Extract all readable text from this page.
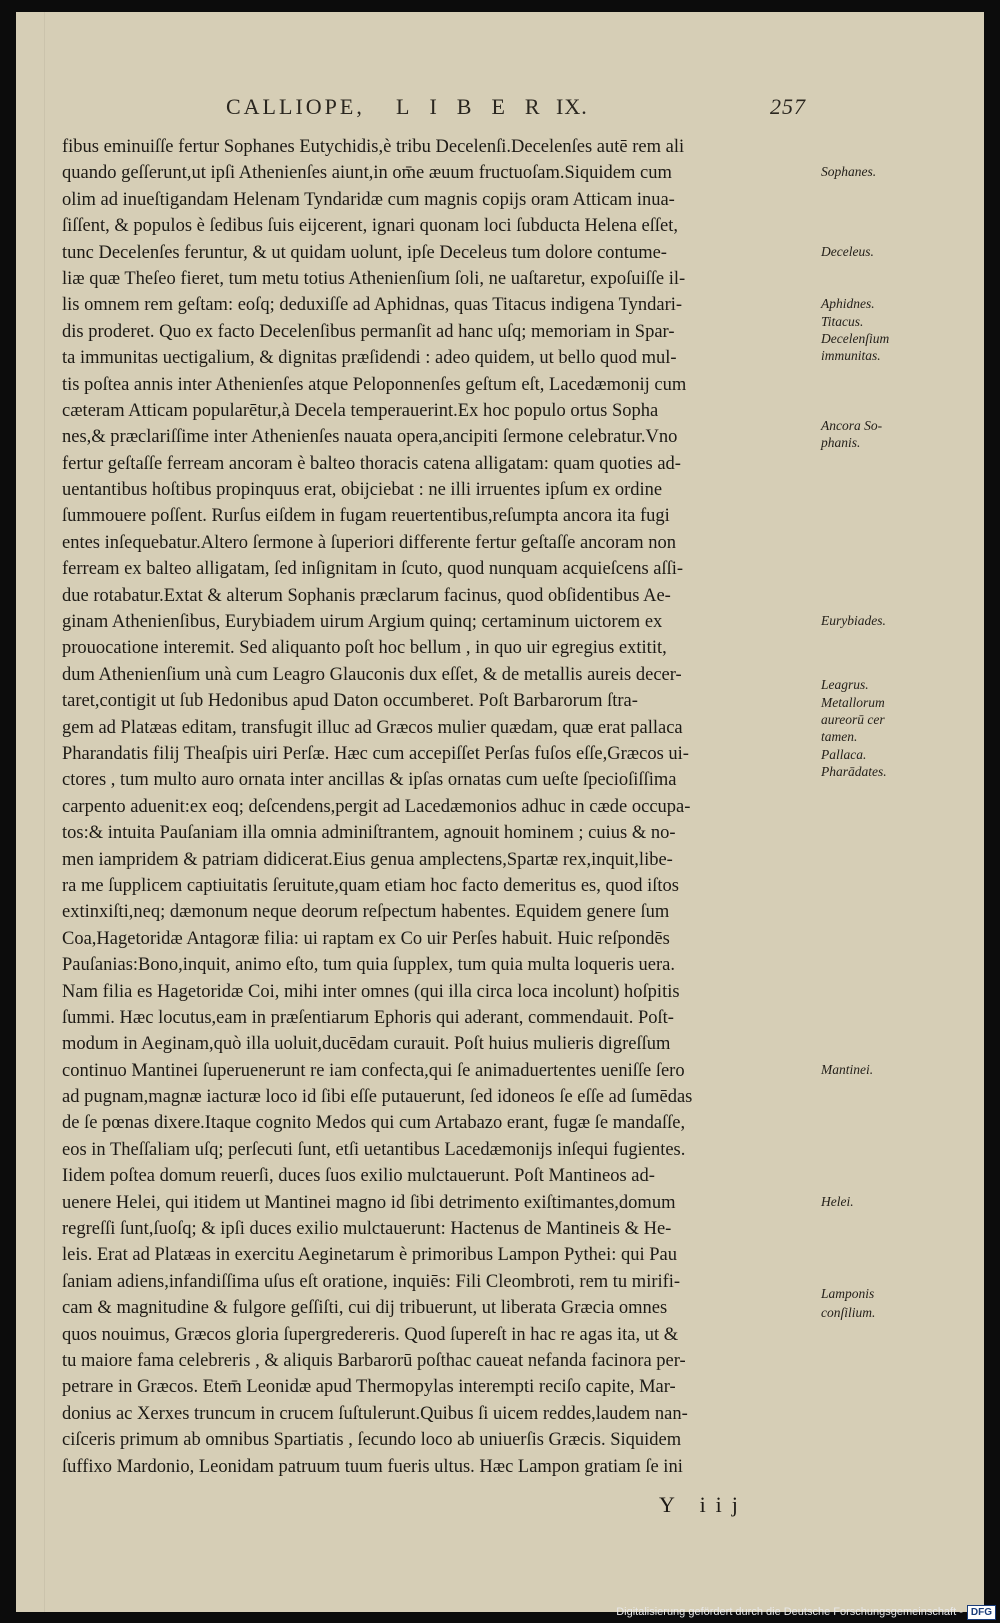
CALLIOPE, LIBER
IX.	257
fibus eminuiſſe fertur Sophanes Eutychidis,è tribu Decelenſi.Decelenſes autē rem ali
quando geſſerunt,ut ipſi Athenienſes aiunt,in om̄e æuum fructuoſam.Siquidem cum
olim ad inueſtigandam Helenam Tyndaridæ cum magnis copijs oram Atticam inua-
ſiſſent, & populos è ſedibus ſuis eijcerent, ignari quonam loci ſubducta Helena eſſet,
tunc Decelenſes feruntur, & ut quidam uolunt, ipſe Deceleus tum dolore contume-
liæ quæ Theſeo fieret, tum metu totius Athenienſium ſoli, ne uaſtaretur, expoſuiſſe il-
lis omnem rem geſtam: eoſq; deduxiſſe ad Aphidnas, quas Titacus indigena Tyndari-
dis proderet. Quo ex facto Decelenſibus permanſit ad hanc uſq; memoriam in Spar-
ta immunitas uectigalium, & dignitas præſidendi : adeo quidem, ut bello quod mul-
tis poſtea annis inter Athenienſes atque Peloponnenſes geſtum eſt, Lacedæmonij cum
cæteram Atticam popularētur,à Decela temperauerint.Ex hoc populo ortus Sopha
nes,& præclariſſime inter Athenienſes nauata opera,ancipiti ſermone celebratur.Vno
fertur geſtaſſe ferream ancoram è balteo thoracis catena alligatam: quam quoties ad-
uentantibus hoſtibus propinquus erat, obijciebat : ne illi irruentes ipſum ex ordine
ſummouere poſſent. Rurſus eiſdem in fugam reuertentibus,reſumpta ancora ita fugi
entes inſequebatur.Altero ſermone à ſuperiori differente fertur geſtaſſe ancoram non
ferream ex balteo alligatam, ſed inſignitam in ſcuto, quod nunquam acquieſcens aſſi-
due rotabatur.Extat & alterum Sophanis præclarum facinus, quod obſidentibus Ae-
ginam Athenienſibus, Eurybiadem uirum Argium quinq; certaminum uictorem ex
prouocatione interemit. Sed aliquanto poſt hoc bellum , in quo uir egregius extitit,
dum Athenienſium unà cum Leagro Glauconis dux eſſet, & de metallis aureis decer-
taret,contigit ut ſub Hedonibus apud Daton occumberet. Poſt Barbarorum ſtra-
gem ad Platæas editam, transfugit illuc ad Græcos mulier quædam, quæ erat pallaca
Pharandatis filij Theaſpis uiri Perſæ. Hæc cum accepiſſet Perſas fuſos eſſe,Græcos ui-
ctores , tum multo auro ornata inter ancillas & ipſas ornatas cum ueſte ſpecioſiſſima
carpento aduenit:ex eoq; deſcendens,pergit ad Lacedæmonios adhuc in cæde occupa-
tos:& intuita Pauſaniam illa omnia adminiſtrantem, agnouit hominem ; cuius & no-
men iampridem & patriam didicerat.Eius genua amplectens,Spartæ rex,inquit,libe-
ra me ſupplicem captiuitatis ſeruitute,quam etiam hoc facto demeritus es, quod iſtos
extinxiſti,neq; dæmonum neque deorum reſpectum habentes. Equidem genere ſum
Coa,Hagetoridæ Antagoræ filia: ui raptam ex Co uir Perſes habuit. Huic reſpondēs
Pauſanias:Bono,inquit, animo eſto, tum quia ſupplex, tum quia multa loqueris uera.
Nam filia es Hagetoridæ Coi, mihi inter omnes (qui illa circa loca incolunt) hoſpitis
ſummi. Hæc locutus,eam in præſentiarum Ephoris qui aderant, commendauit. Poſt-
modum in Aeginam,quò illa uoluit,ducēdam curauit. Poſt huius mulieris digreſſum
continuo Mantinei ſuperuenerunt re iam confecta,qui ſe animaduertentes ueniſſe ſero
ad pugnam,magnæ iacturæ loco id ſibi eſſe putauerunt, ſed idoneos ſe eſſe ad ſumēdas
de ſe pœnas dixere.Itaque cognito Medos qui cum Artabazo erant, fugæ ſe mandaſſe,
eos in Theſſaliam uſq; perſecuti ſunt, etſi uetantibus Lacedæmonijs inſequi fugientes.
Iidem poſtea domum reuerſi, duces ſuos exilio mulctauerunt. Poſt Mantineos ad-
uenere Helei, qui itidem ut Mantinei magno id ſibi detrimento exiſtimantes,domum
regreſſi ſunt,ſuoſq; & ipſi duces exilio mulctauerunt: Hactenus de Mantineis & He-
leis. Erat ad Platæas in exercitu Aeginetarum è primoribus Lampon Pythei: qui Pau
ſaniam adiens,infandiſſima uſus eſt oratione, inquiēs: Fili Cleombroti, rem tu mirifi-
cam & magnitudine & fulgore geſſiſti, cui dij tribuerunt, ut liberata Græcia omnes
quos nouimus, Græcos gloria ſupergredereris. Quod ſupereſt in hac re agas ita, ut &
tu maiore fama celebreris , & aliquis Barbarorū poſthac caueat nefanda facinora per-
petrare in Græcos. Etem̄ Leonidæ apud Thermopylas interempti reciſo capite, Mar-
donius ac Xerxes truncum in crucem ſuſtulerunt.Quibus ſi uicem reddes,laudem nan-
ciſceris primum ab omnibus Spartiatis , ſecundo loco ab uniuerſis Græcis. Siquidem
ſuffixo Mardonio, Leonidam patruum tuum fueris ultus. Hæc Lampon gratiam ſe ini
Sophanes.
Deceleus.
Aphidnes.
Titacus.
Decelenſium
immunitas.
Ancora So-
phanis.
Eurybiades.
Leagrus.
Metallorum
aureorū cer
tamen.
Pallaca.
Pharādates.
Mantinei.
Helei.
Lamponis
conſilium.
Y iij
Digitalisierung gefördert durch die Deutsche Forschungsgemeinschaft - DFG
